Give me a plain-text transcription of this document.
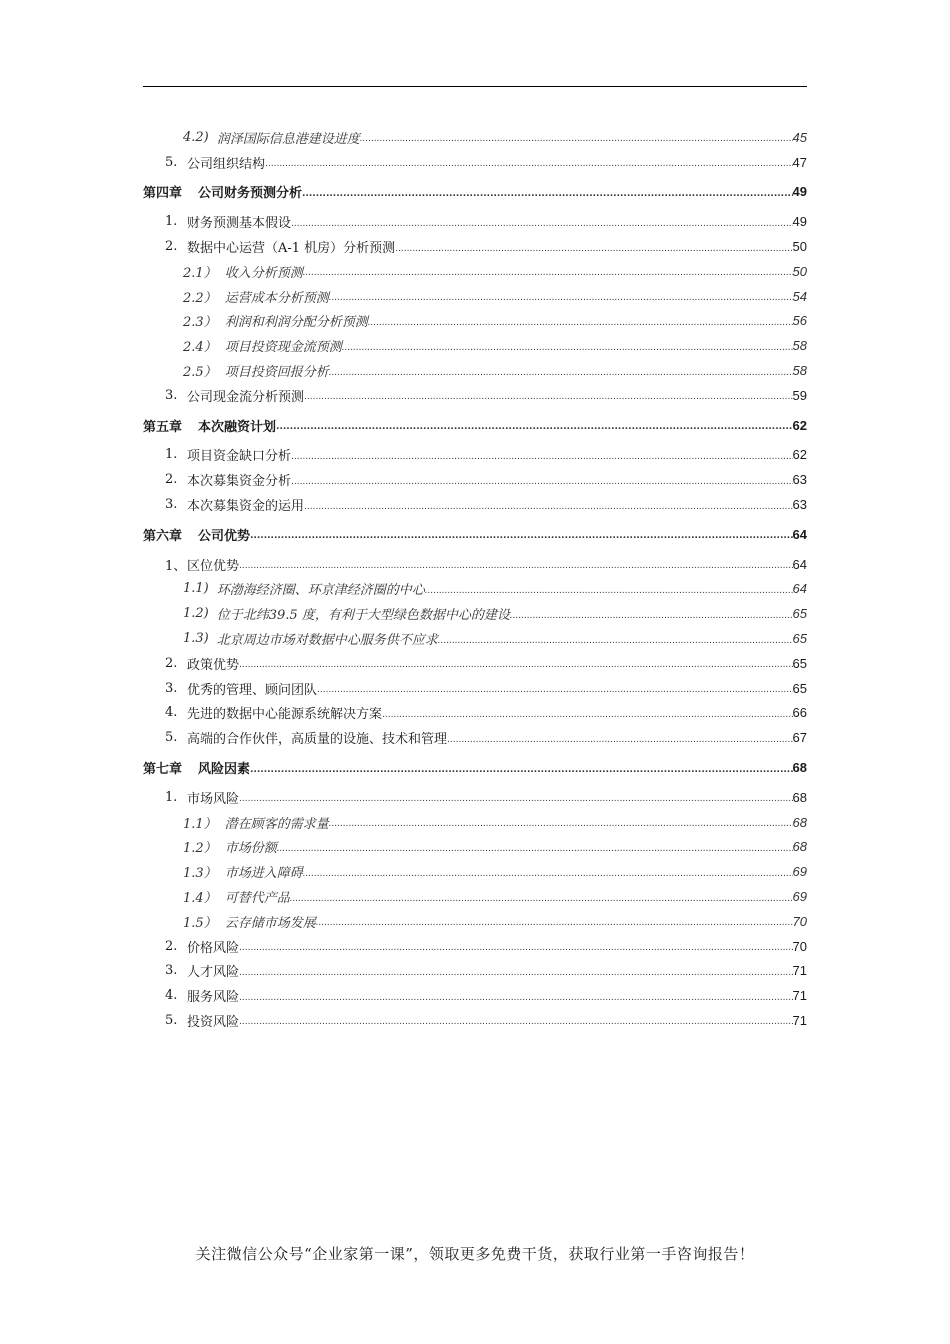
4.2) 润泽国际信息港建设进度 .....	45
5. 公司组织结构 .....	47
第四章 公司财务预测分析 .....	49
1. 财务预测基本假设 .....	49
2. 数据中心运营（A-1 机房）分析预测 .....	50
2.1） 收入分析预测 .....	50
2.2） 运营成本分析预测 .....	54
2.3） 利润和利润分配分析预测 .....	56
2.4） 项目投资现金流预测 .....	58
2.5） 项目投资回报分析 .....	58
3. 公司现金流分析预测 .....	59
第五章 本次融资计划 .....	62
1. 项目资金缺口分析 .....	62
2. 本次募集资金分析 .....	63
3. 本次募集资金的运用 .....	63
第六章 公司优势 .....	64
1、 区位优势 .....	64
1.1) 环渤海经济圈、环京津经济圈的中心 .....	64
1.2) 位于北纬39.5 度，有利于大型绿色数据中心的建设 .....	65
1.3) 北京周边市场对数据中心服务供不应求 .....	65
2. 政策优势 .....	65
3. 优秀的管理、顾问团队 .....	65
4. 先进的数据中心能源系统解决方案 .....	66
5. 高端的合作伙伴，高质量的设施、技术和管理 .....	67
第七章 风险因素 .....	68
1. 市场风险 .....	68
1.1） 潜在顾客的需求量 .....	68
1.2） 市场份额 .....	68
1.3） 市场进入障碍 .....	69
1.4） 可替代产品 .....	69
1.5） 云存储市场发展 .....	70
2. 价格风险 .....	70
3. 人才风险 .....	71
4. 服务风险 .....	71
5. 投资风险 .....	71
关注微信公众号“企业家第一课”，领取更多免费干货，获取行业第一手咨询报告！
